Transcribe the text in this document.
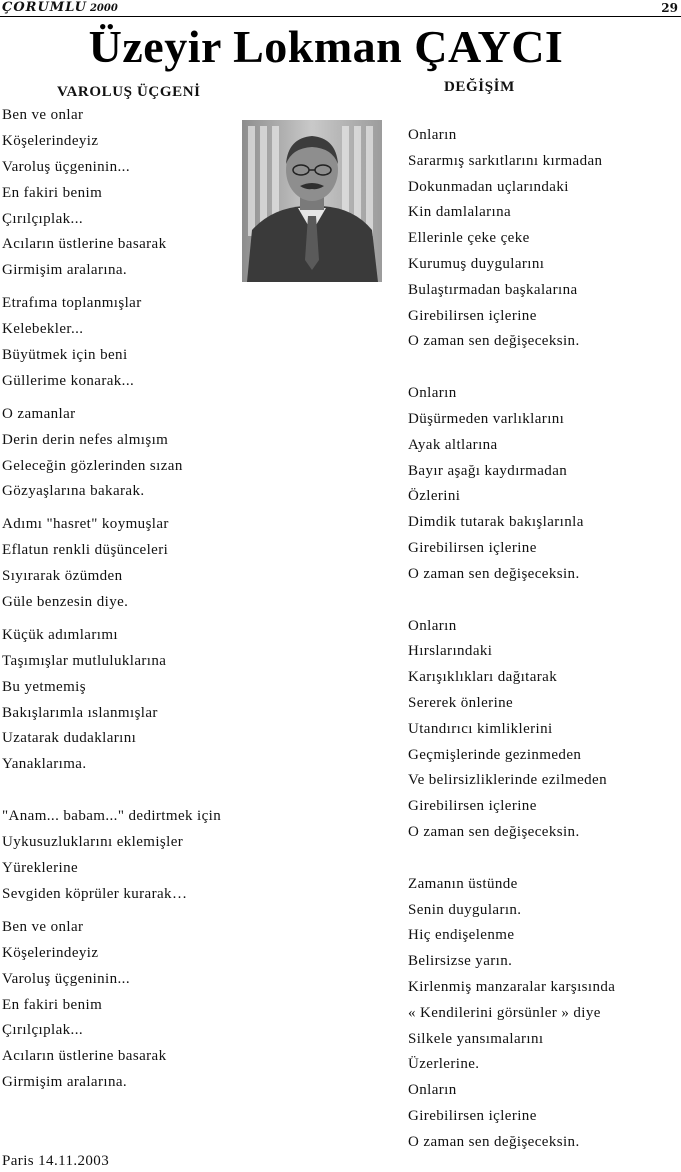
ÇORUMLU 2000	29
Üzeyir Lokman ÇAYCI
VAROLUŞ ÜÇGENİ	DEĞİŞİM
Ben ve onlar
Köşelerindeyiz
Varoluş üçgeninin...
En fakiri benim
Çırılçıplak...
Acıların üstlerine basarak
Girmişim aralarına.
Etrafıma toplanmışlar
Kelebekler...
Büyütmek için beni
Güllerime konarak...
O zamanlar
Derin derin nefes almışım
Geleceğin gözlerinden sızan
Gözyaşlarına bakarak.
Adımı "hasret" koymuşlar
Eflatun renkli düşünceleri
Sıyırarak özümden
Güle benzesin diye.
Küçük adımlarımı
Taşımışlar mutluluklarına
Bu yetmemiş
Bakışlarımla ıslanmışlar
Uzatarak dudaklarını
Yanaklarıma.
"Anam... babam..." dedirtmek için
Uykusuzluklarını eklemişler
Yüreklerine
Sevgiden köprüler kurarak…
Ben ve onlar
Köşelerindeyiz
Varoluş üçgeninin...
En fakiri benim
Çırılçıplak...
Acıların üstlerine basarak
Girmişim aralarına.
Paris 14.11.2003
Onların
Sararmış sarkıtlarını kırmadan
Dokunmadan uçlarındaki
Kin damlalarına
Ellerinle çeke çeke
Kurumuş duygularını
Bulaştırmadan başkalarına
Girebilirsen içlerine
O zaman sen değişeceksin.
Onların
Düşürmeden varlıklarını
Ayak altlarına
Bayır aşağı kaydırmadan
Özlerini
Dimdik tutarak bakışlarınla
Girebilirsen içlerine
O zaman sen değişeceksin.
Onların
Hırslarındaki
Karışıklıkları dağıtarak
Sererek önlerine
Utandırıcı kimliklerini
Geçmişlerinde gezinmeden
Ve belirsizliklerinde ezilmeden
Girebilirsen içlerine
O zaman sen değişeceksin.
Zamanın üstünde
Senin duyguların.
Hiç endişelenme
Belirsizse yarın.
Kirlenmiş manzaralar karşısında
« Kendilerini görsünler » diye
Silkele yansımalarını
Üzerlerine.
Onların
Girebilirsen içlerine
O zaman sen değişeceksin.
